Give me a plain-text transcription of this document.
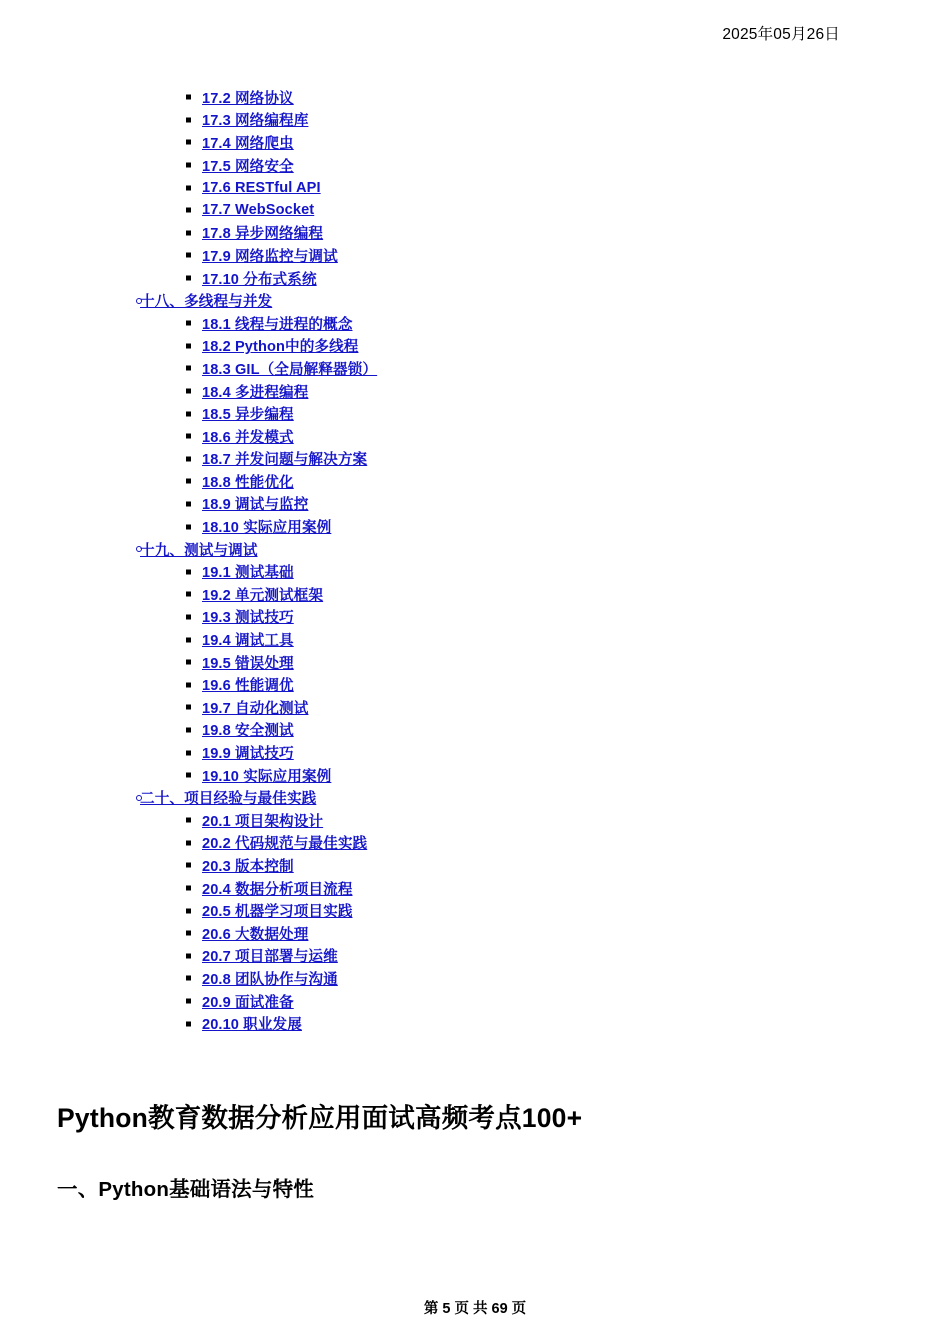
2025年05月26日
17.2 网络协议
17.3 网络编程库
17.4 网络爬虫
17.5 网络安全
17.6 RESTful API
17.7 WebSocket
17.8 异步网络编程
17.9 网络监控与调试
17.10 分布式系统
十八、多线程与并发
18.1 线程与进程的概念
18.2 Python中的多线程
18.3 GIL（全局解释器锁）
18.4 多进程编程
18.5 异步编程
18.6 并发模式
18.7 并发问题与解决方案
18.8 性能优化
18.9 调试与监控
18.10 实际应用案例
十九、测试与调试
19.1 测试基础
19.2 单元测试框架
19.3 测试技巧
19.4 调试工具
19.5 错误处理
19.6 性能调优
19.7 自动化测试
19.8 安全测试
19.9 调试技巧
19.10 实际应用案例
二十、项目经验与最佳实践
20.1 项目架构设计
20.2 代码规范与最佳实践
20.3 版本控制
20.4 数据分析项目流程
20.5 机器学习项目实践
20.6 大数据处理
20.7 项目部署与运维
20.8 团队协作与沟通
20.9 面试准备
20.10 职业发展
Python教育数据分析应用面试高频考点100+
一、Python基础语法与特性
第 5 页 共 69 页
